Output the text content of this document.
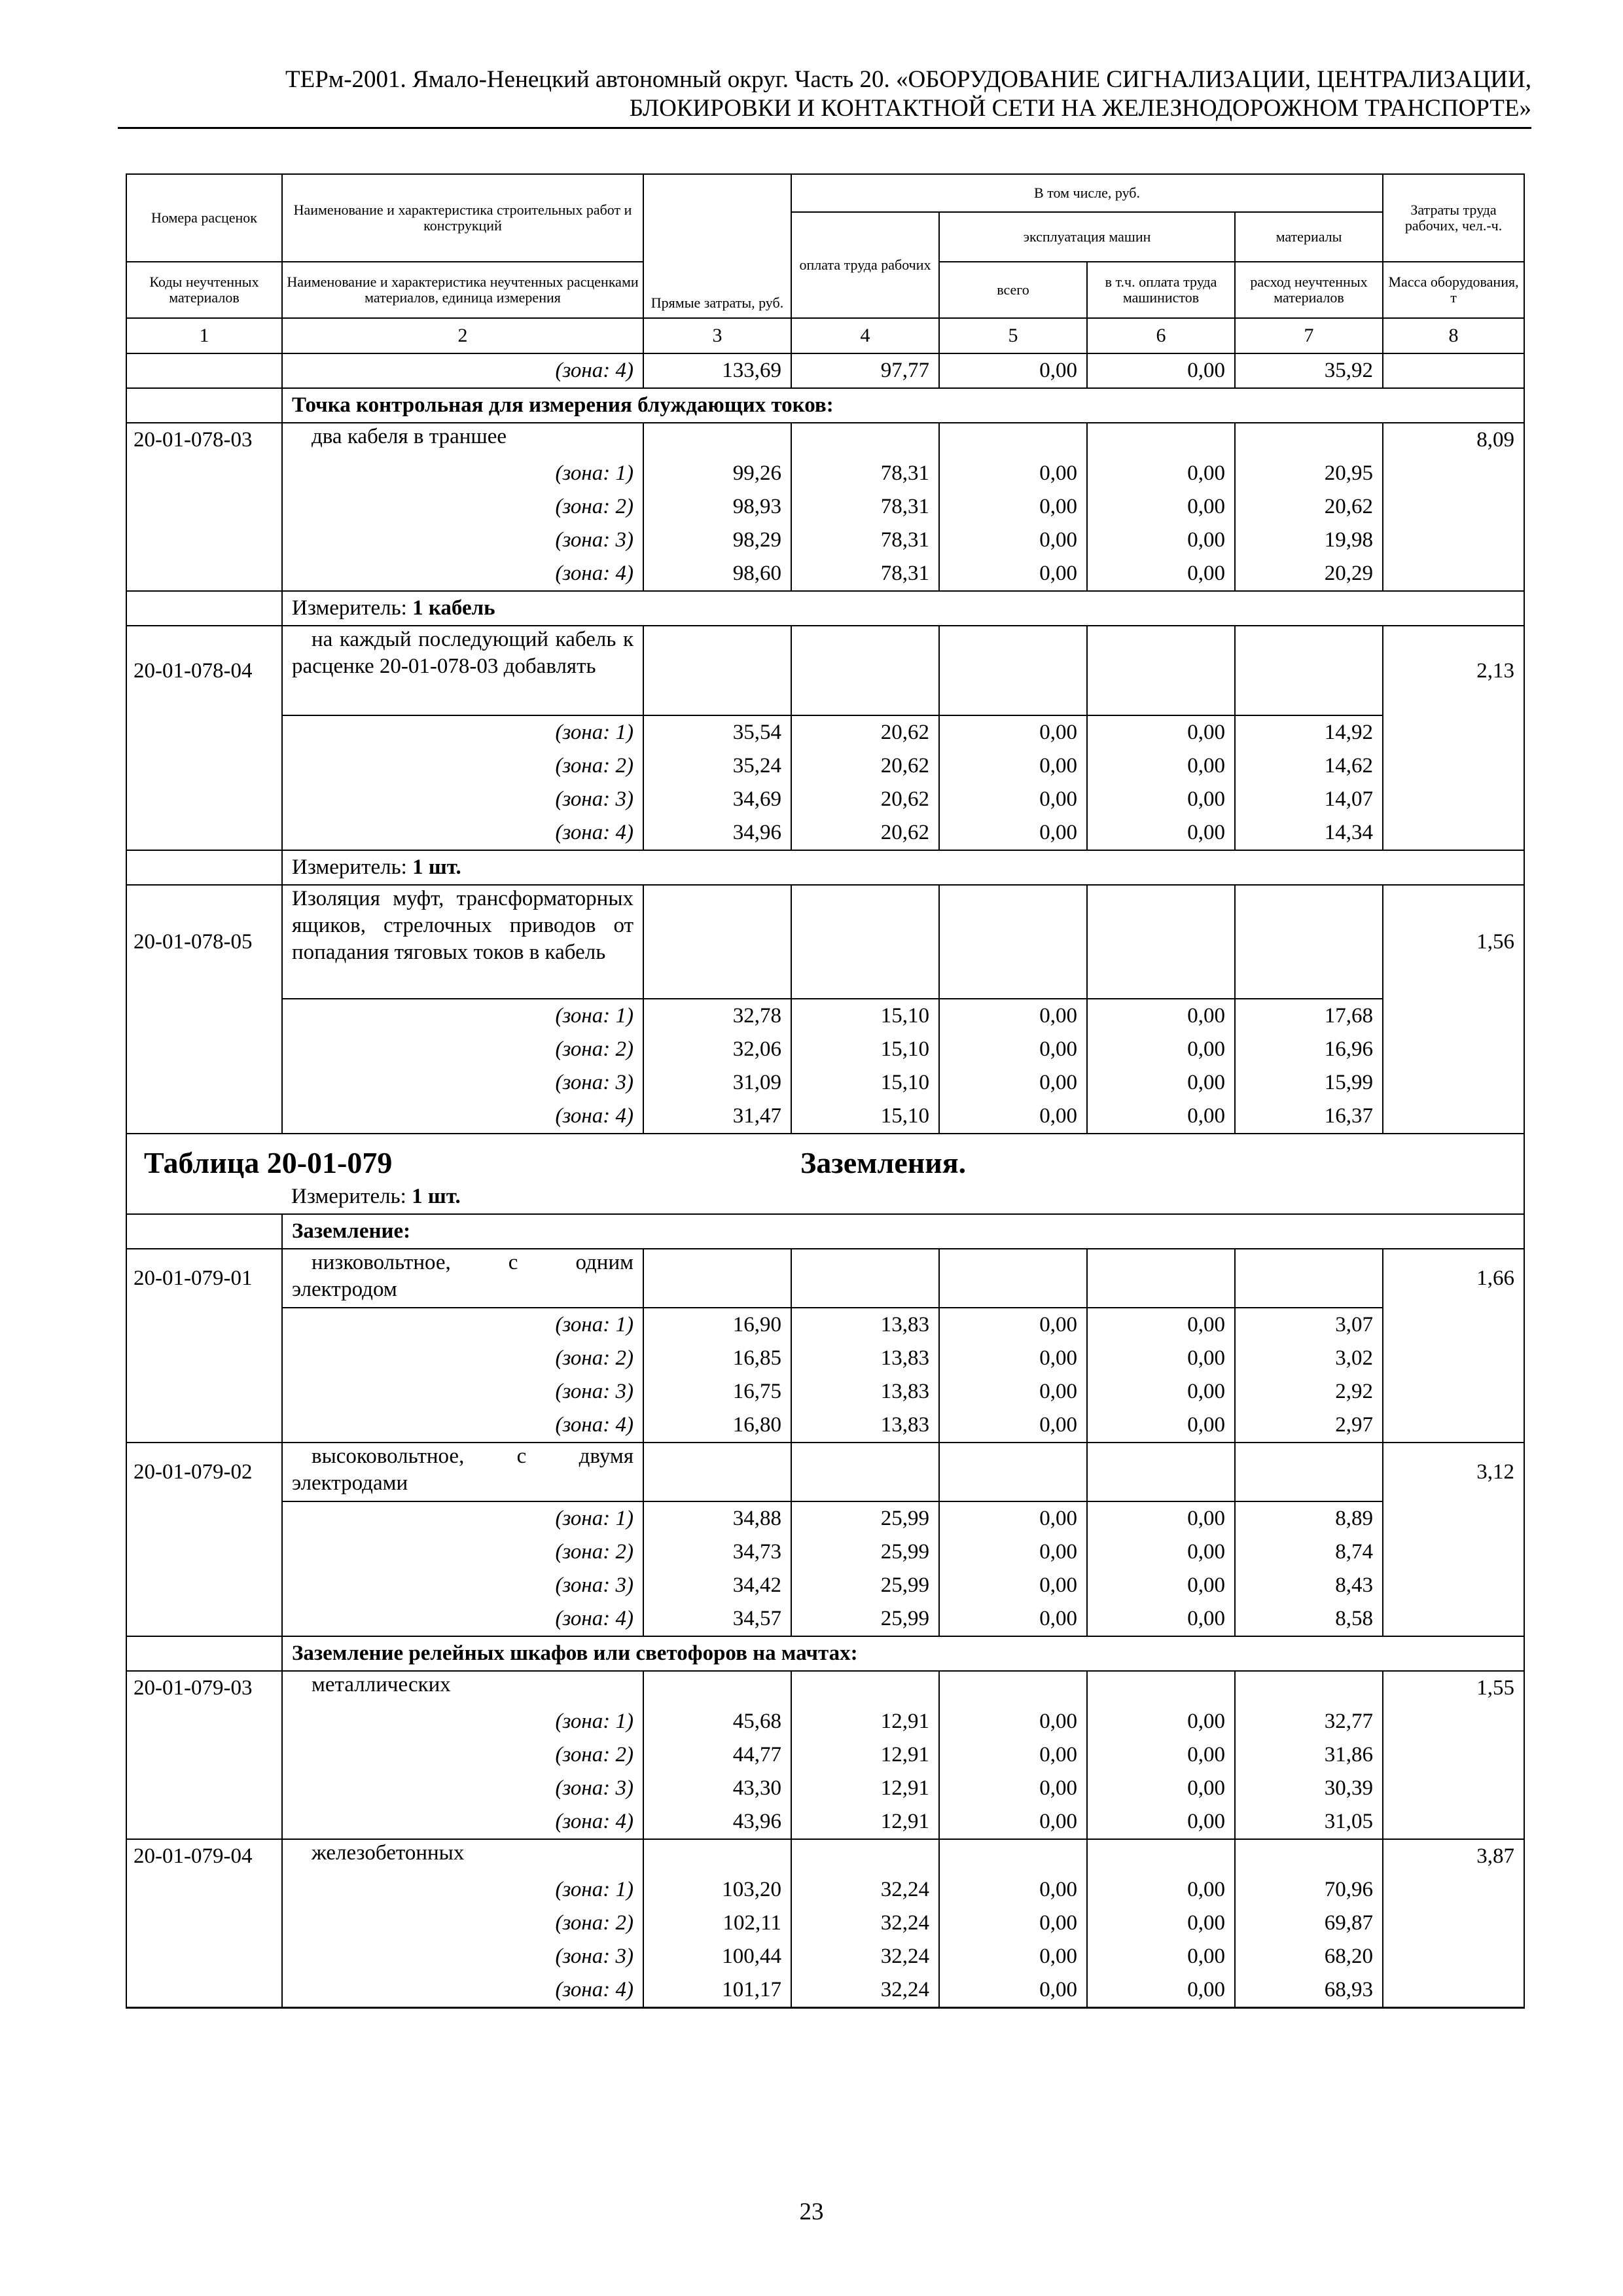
ТЕРм-2001. Ямало-Ненецкий автономный округ. Часть 20. «ОБОРУДОВАНИЕ СИГНАЛИЗАЦИИ, ЦЕНТРАЛИЗАЦИИ,
БЛОКИРОВКИ И КОНТАКТНОЙ СЕТИ НА ЖЕЛЕЗНОДОРОЖНОМ ТРАНСПОРТЕ»
Номера расценок	Наименование и характеристика строительных работ и конструкций	Прямые затраты, руб.	В том числе, руб.				Затраты труда рабочих, чел.-ч.
			оплата труда рабочих	эксплуатация машин		материалы	
Коды неучтенных материалов	Наименование и характеристика неучтенных расценками материалов, единица измерения			всего	в т.ч. оплата труда машинистов	расход неучтенных материалов	Масса оборудования, т
1	2	3	4	5	6	7	8
	(зона: 4)	133,69	97,77	0,00	0,00	35,92	
	Точка контрольная для измерения блуждающих токов:						
20-01-078-03	два кабеля в траншее						8,09
	(зона: 1)	99,26	78,31	0,00	0,00	20,95	
	(зона: 2)	98,93	78,31	0,00	0,00	20,62	
	(зона: 3)	98,29	78,31	0,00	0,00	19,98	
	(зона: 4)	98,60	78,31	0,00	0,00	20,29	
	Измеритель: 1 кабель						
20-01-078-04	на каждый последующий кабель к расценке 20-01-078-03 добавлять						2,13
	(зона: 1)	35,54	20,62	0,00	0,00	14,92	
	(зона: 2)	35,24	20,62	0,00	0,00	14,62	
	(зона: 3)	34,69	20,62	0,00	0,00	14,07	
	(зона: 4)	34,96	20,62	0,00	0,00	14,34	
	Измеритель: 1 шт.						
20-01-078-05	Изоляция муфт, трансформаторных ящиков, стрелочных приводов от попадания тяговых токов в кабель						1,56
	(зона: 1)	32,78	15,10	0,00	0,00	17,68	
	(зона: 2)	32,06	15,10	0,00	0,00	16,96	
	(зона: 3)	31,09	15,10	0,00	0,00	15,99	
	(зона: 4)	31,47	15,10	0,00	0,00	16,37	
Таблица 20-01-079			Заземления.				
	Измеритель: 1 шт.						
	Заземление:						
20-01-079-01	низковольтное, с одним электродом						1,66
	(зона: 1)	16,90	13,83	0,00	0,00	3,07	
	(зона: 2)	16,85	13,83	0,00	0,00	3,02	
	(зона: 3)	16,75	13,83	0,00	0,00	2,92	
	(зона: 4)	16,80	13,83	0,00	0,00	2,97	
20-01-079-02	высоковольтное, с двумя электродами						3,12
	(зона: 1)	34,88	25,99	0,00	0,00	8,89	
	(зона: 2)	34,73	25,99	0,00	0,00	8,74	
	(зона: 3)	34,42	25,99	0,00	0,00	8,43	
	(зона: 4)	34,57	25,99	0,00	0,00	8,58	
	Заземление релейных шкафов или светофоров на мачтах:						
20-01-079-03	металлических						1,55
	(зона: 1)	45,68	12,91	0,00	0,00	32,77	
	(зона: 2)	44,77	12,91	0,00	0,00	31,86	
	(зона: 3)	43,30	12,91	0,00	0,00	30,39	
	(зона: 4)	43,96	12,91	0,00	0,00	31,05	
20-01-079-04	железобетонных						3,87
	(зона: 1)	103,20	32,24	0,00	0,00	70,96	
	(зона: 2)	102,11	32,24	0,00	0,00	69,87	
	(зона: 3)	100,44	32,24	0,00	0,00	68,20	
	(зона: 4)	101,17	32,24	0,00	0,00	68,93	
23
